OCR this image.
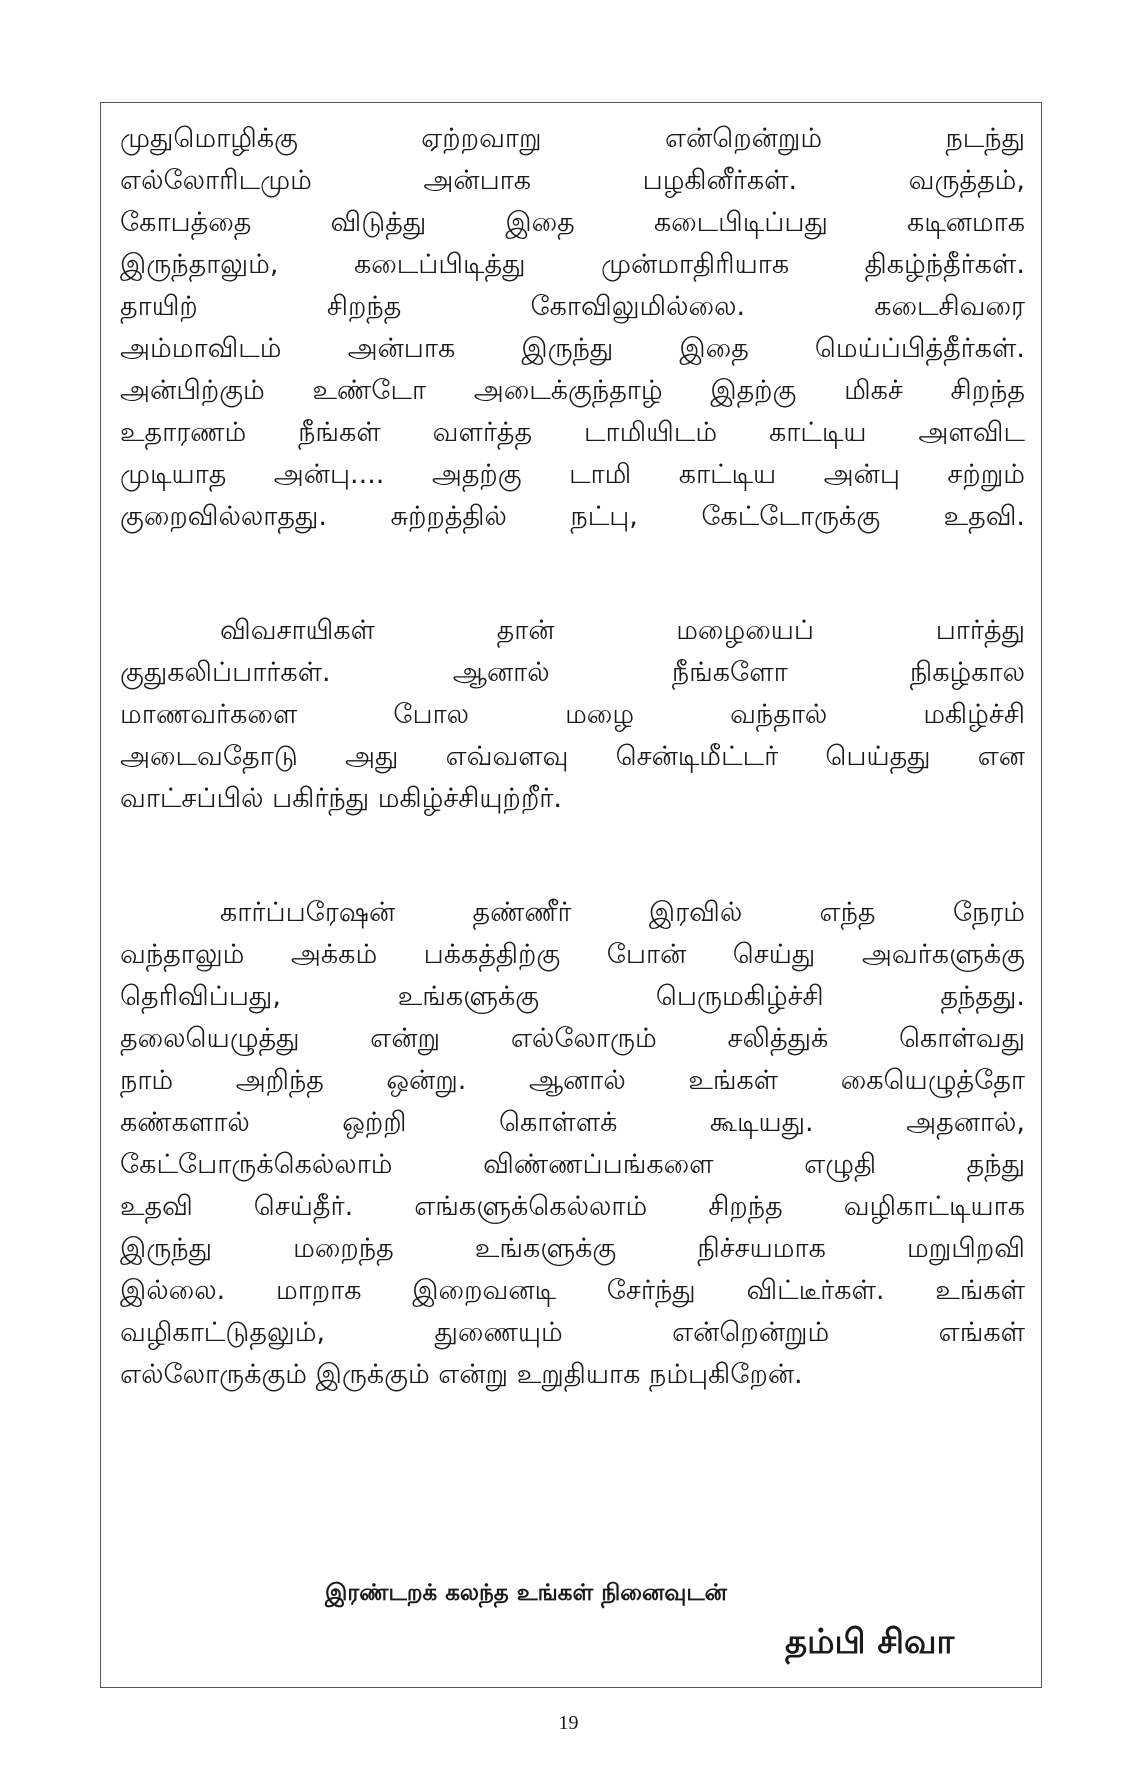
முதுமொழிக்கு ஏற்றவாறு என்றென்றும் நடந்து

எல்லோரிடமும் அன்பாக பழகினீர்கள். வருத்தம்,

கோபத்தை விடுத்து இதை கடைபிடிப்பது கடினமாக

இருந்தாலும், கடைப்பிடித்து முன்மாதிரியாக திகழ்ந்தீர்கள்.

தாயிற் சிறந்த கோவிலுமில்லை. கடைசிவரை

அம்மாவிடம் அன்பாக இருந்து இதை மெய்ப்பித்தீர்கள்.

அன்பிற்கும் உண்டோ அடைக்குந்தாழ் இதற்கு மிகச் சிறந்த

உதாரணம் நீங்கள் வளர்த்த டாமியிடம் காட்டிய அளவிட

முடியாத அன்பு.... அதற்கு டாமி காட்டிய அன்பு சற்றும்

குறைவில்லாதது. சுற்றத்தில் நட்பு, கேட்டோருக்கு உதவி.

விவசாயிகள் தான் மழையைப் பார்த்து

குதுகலிப்பார்கள். ஆனால் நீங்களோ நிகழ்கால

மாணவர்களை போல மழை வந்தால் மகிழ்ச்சி

அடைவதோடு அது எவ்வளவு சென்டிமீட்டர் பெய்தது என

வாட்சப்பில் பகிர்ந்து மகிழ்ச்சியுற்றீர்.

கார்ப்பரேஷன் தண்ணீர் இரவில் எந்த நேரம்

வந்தாலும் அக்கம் பக்கத்திற்கு போன் செய்து அவர்களுக்கு

தெரிவிப்பது, உங்களுக்கு பெருமகிழ்ச்சி தந்தது.

தலையெழுத்து என்று எல்லோரும் சலித்துக் கொள்வது

நாம் அறிந்த ஒன்று. ஆனால் உங்கள் கையெழுத்தோ

கண்களால் ஒற்றி கொள்ளக் கூடியது. அதனால்,

கேட்போருக்கெல்லாம் விண்ணப்பங்களை எழுதி தந்து

உதவி செய்தீர். எங்களுக்கெல்லாம் சிறந்த வழிகாட்டியாக

இருந்து மறைந்த உங்களுக்கு நிச்சயமாக மறுபிறவி

இல்லை. மாறாக இறைவனடி சேர்ந்து விட்டீர்கள். உங்கள்

வழிகாட்டுதலும், துணையும் என்றென்றும் எங்கள்

எல்லோருக்கும் இருக்கும் என்று உறுதியாக நம்புகிறேன்.

இரண்டறக் கலந்த உங்கள் நினைவுடன்
தம்பி சிவா
19
